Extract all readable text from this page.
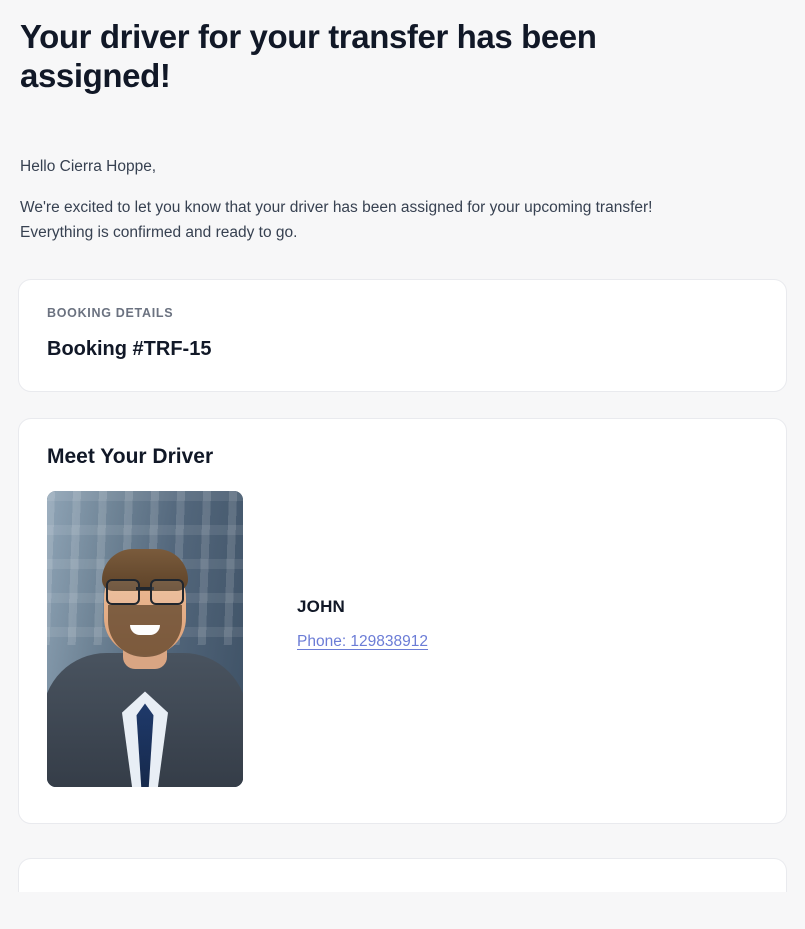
Your driver for your transfer has been assigned!

Hello Cierra Hoppe,

We're excited to let you know that your driver has been assigned for your upcoming transfer! Everything is confirmed and ready to go.

BOOKING DETAILS
Booking #TRF-15
Meet Your Driver
JOHN
Phone: 129838912
